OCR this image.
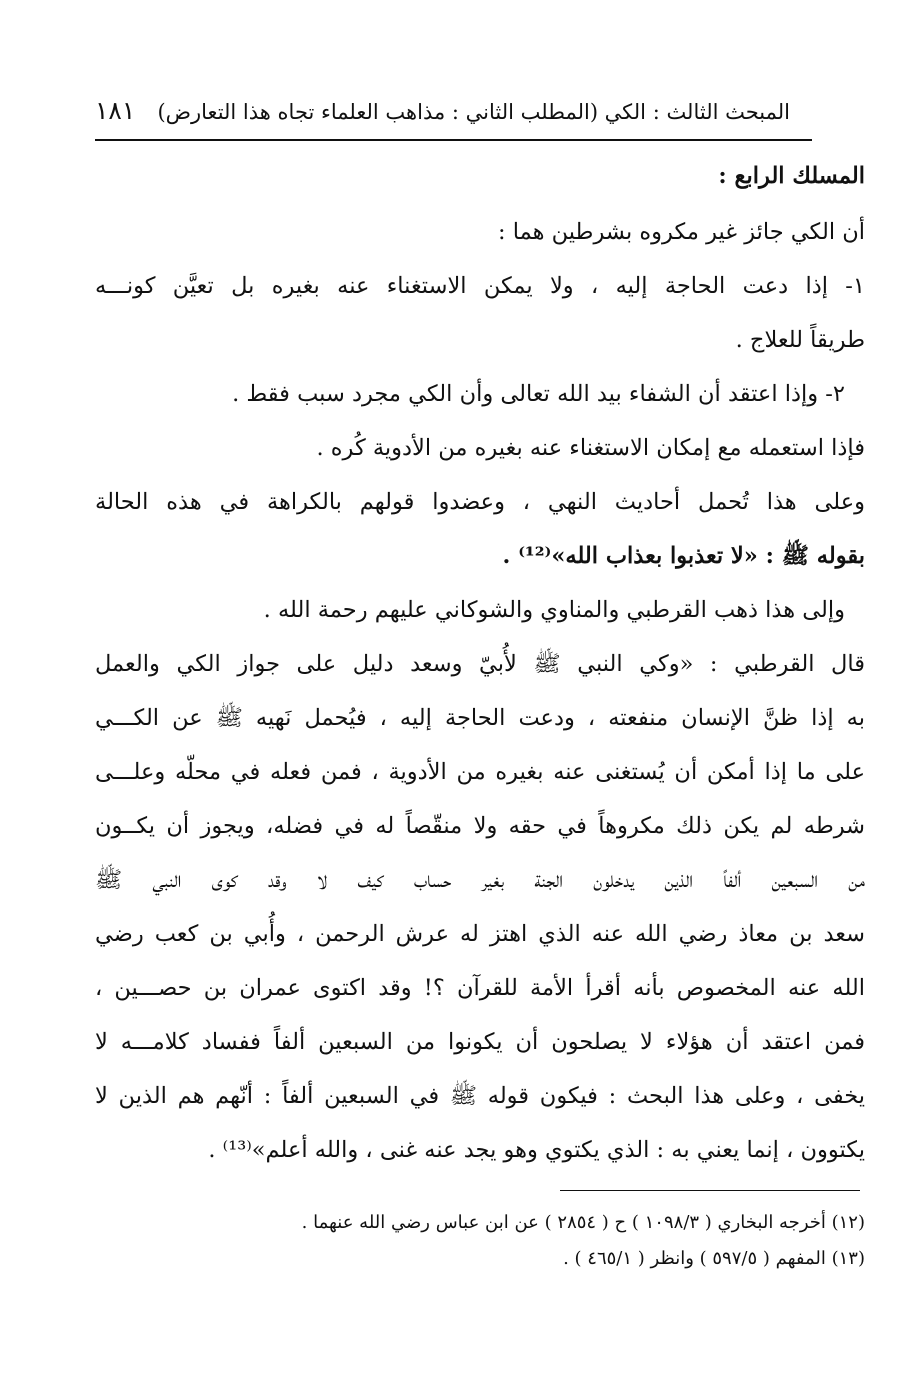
المبحث الثالث : الكي (المطلب الثاني : مذاهب العلماء تجاه هذا التعارض)
١٨١
المسلك الرابع :
أن الكي جائز غير مكروه بشرطين هما :
١- إذا دعت الحاجة إليه ، ولا يمكن الاستغناء عنه بغيره بل تعيَّن كونـــه
طريقاً للعلاج .
٢- وإذا اعتقد أن الشفاء بيد الله تعالى وأن الكي مجرد سبب فقط .
فإذا استعمله مع إمكان الاستغناء عنه بغيره من الأدوية كُره .
وعلى هذا تُحمل أحاديث النهي ، وعضدوا قولهم بالكراهة في هذه الحالة
بقوله ﷺ : «لا تعذبوا بعذاب الله»⁽¹²⁾ .
وإلى هذا ذهب القرطبي والمناوي والشوكاني عليهم رحمة الله .
قال القرطبي : «وكي النبي ﷺ لأُبيّ وسعد دليل على جواز الكي والعمل
به إذا ظنَّ الإنسان منفعته ، ودعت الحاجة إليه ، فيُحمل نَهيه ﷺ عن الكـــي
على ما إذا أمكن أن يُستغنى عنه بغيره من الأدوية ، فمن فعله في محلّه وعلـــى
شرطه لم يكن ذلك مكروهاً في حقه ولا منقّصاً له في فضله، ويجوز أن يكــون
من السبعين ألفاً الذين يدخلون الجنة بغير حساب كيف لا وقد كوى النبي ﷺ
سعد بن معاذ رضي الله عنه الذي اهتز له عرش الرحمن ، وأُبي بن كعب رضي
الله عنه المخصوص بأنه أقرأ الأمة للقرآن ؟! وقد اكتوى عمران بن حصـــين ،
فمن اعتقد أن هؤلاء لا يصلحون أن يكونوا من السبعين ألفاً ففساد كلامـــه لا
يخفى ، وعلى هذا البحث : فيكون قوله ﷺ في السبعين ألفاً : أنّهم هم الذين لا
يكتوون ، إنما يعني به : الذي يكتوي وهو يجد عنه غنى ، والله أعلم»⁽¹³⁾ .
(١٢) أخرجه البخاري ( ١٠٩٨/٣ ) ح ( ٢٨٥٤ ) عن ابن عباس رضي الله عنهما .
(١٣) المفهم ( ٥٩٧/٥ ) وانظر ( ٤٦٥/١ ) .
